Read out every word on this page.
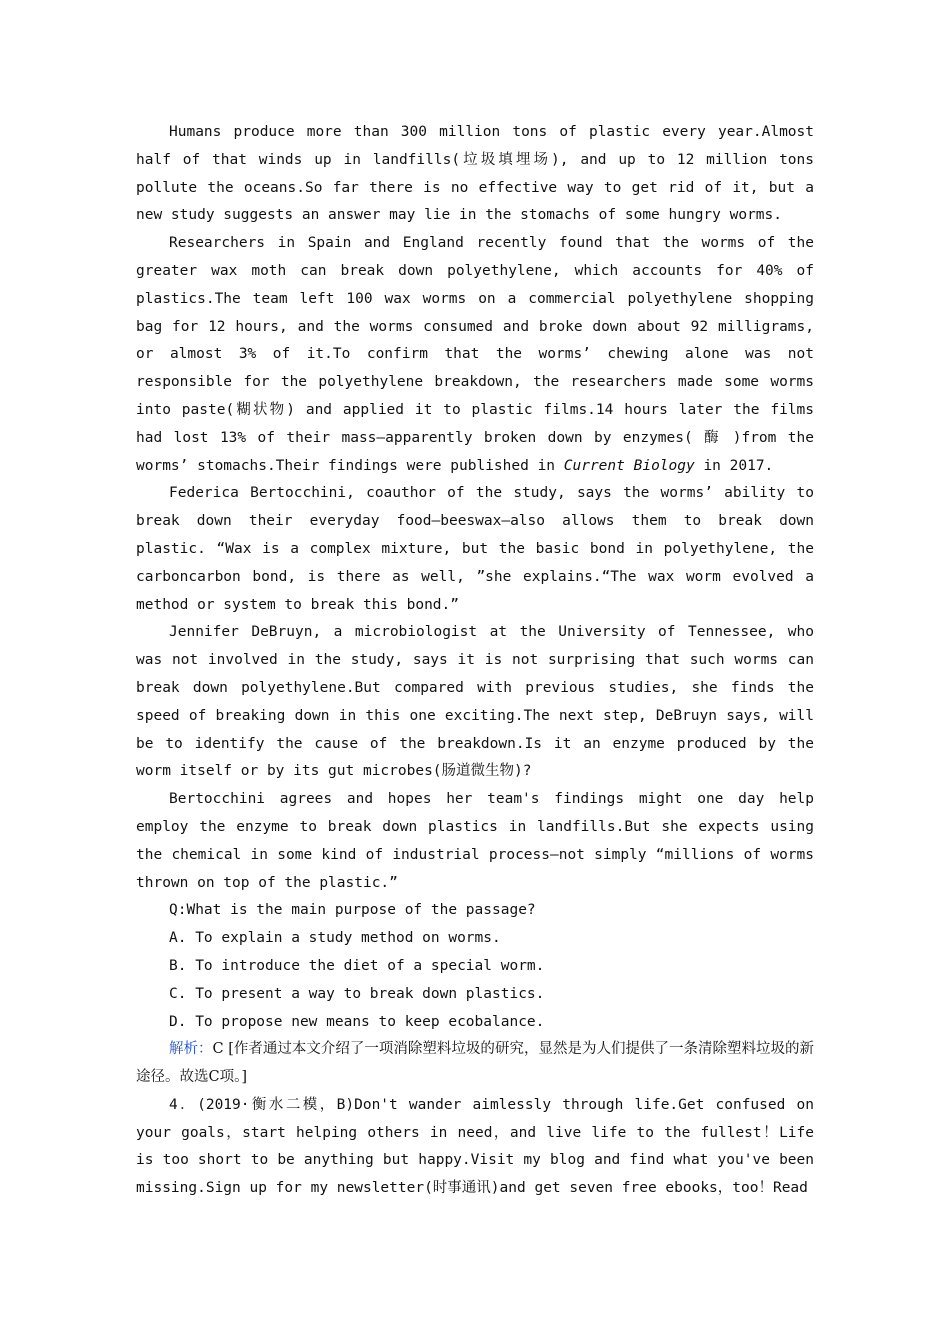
Humans produce more than 300 million tons of plastic every year.Almost half of that winds up in landfills(垃圾填埋场), and up to 12 million tons pollute the oceans.So far there is no effective way to get rid of it, but a new study suggests an answer may lie in the stomachs of some hungry worms.

Researchers in Spain and England recently found that the worms of the greater wax moth can break down polyethylene, which accounts for 40% of plastics.The team left 100 wax worms on a commercial polyethylene shopping bag for 12 hours, and the worms consumed and broke down about 92 milligrams, or almost 3% of it.To confirm that the worms’ chewing alone was not responsible for the polyethylene breakdown, the researchers made some worms into paste(糊状物) and applied it to plastic films.14 hours later the films had lost 13% of their mass—apparently broken down by enzymes( 酶 )from the worms’ stomachs.Their findings were published in Current Biology in 2017.

Federica Bertocchini, coauthor of the study, says the worms’ ability to break down their everyday food—beeswax—also allows them to break down plastic. “Wax is a complex mixture, but the basic bond in polyethylene, the carboncarbon bond, is there as well, ”she explains.“The wax worm evolved a method or system to break this bond.”

Jennifer DeBruyn, a microbiologist at the University of Tennessee, who was not involved in the study, says it is not surprising that such worms can break down polyethylene.But compared with previous studies, she finds the speed of breaking down in this one exciting.The next step, DeBruyn says, will be to identify the cause of the breakdown.Is it an enzyme produced by the worm itself or by its gut microbes(肠道微生物)?

Bertocchini agrees and hopes her team's findings might one day help employ the enzyme to break down plastics in landfills.But she expects using the chemical in some kind of industrial process—not simply “millions of worms thrown on top of the plastic.”

Q:What is the main purpose of the passage?

A. To explain a study method on worms.

B. To introduce the diet of a special worm.

C. To present a way to break down plastics.

D. To propose new means to keep ecobalance.

解析：C [作者通过本文介绍了一项消除塑料垃圾的研究，显然是为人们提供了一条清除塑料垃圾的新途径。故选C项。]

4．(2019·衡水二模，B)Don't wander aimlessly through life.Get confused on your goals，start helping others in need，and live life to the fullest！Life is too short to be anything but happy.Visit my blog and find what you've been missing.Sign up for my newsletter(时事通讯)and get seven free ebooks，too！Read
